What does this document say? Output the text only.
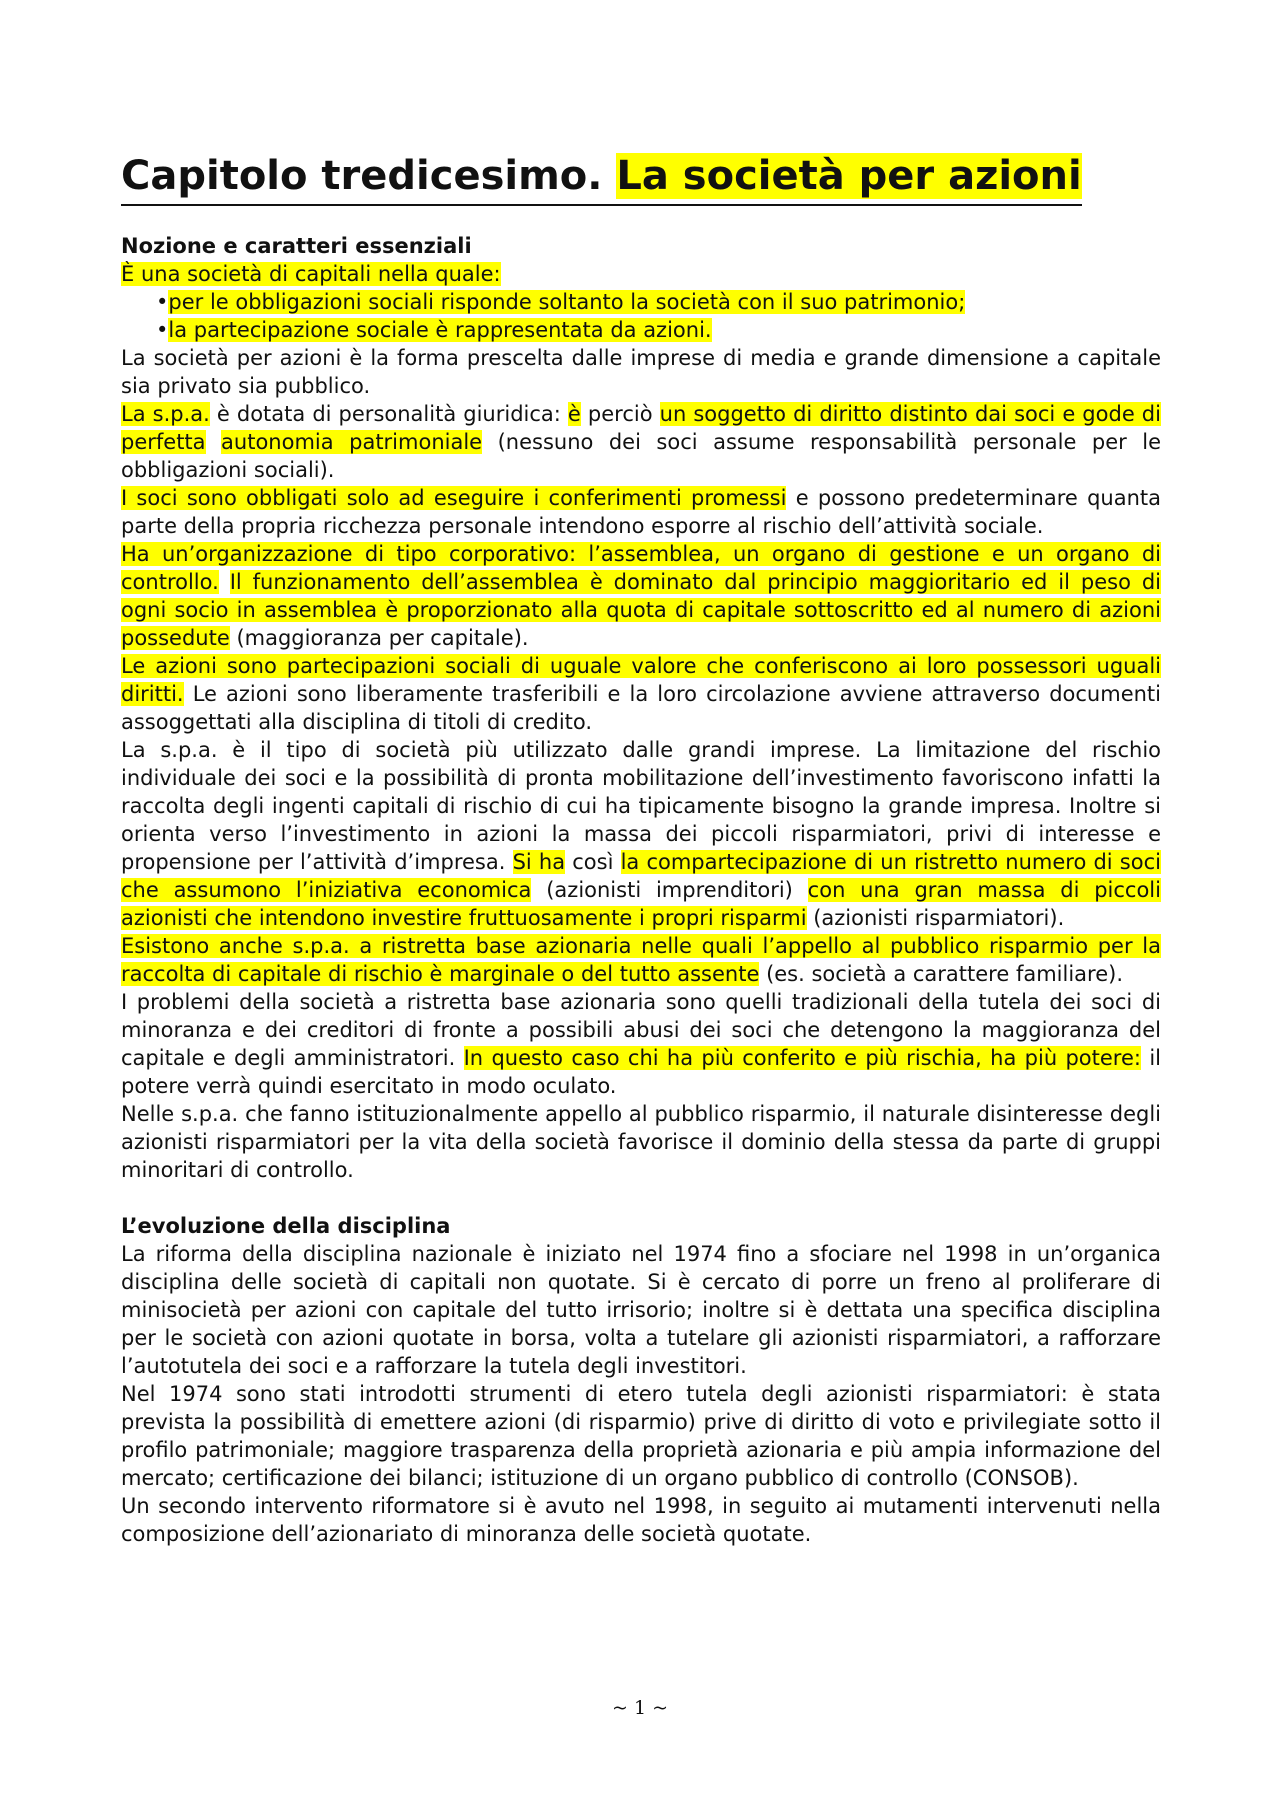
Capitolo tredicesimo. La società per azioni
Nozione e caratteri essenziali

È una società di capitali nella quale:

•per le obbligazioni sociali risponde soltanto la società con il suo patrimonio;

•la partecipazione sociale è rappresentata da azioni.

La società per azioni è la forma prescelta dalle imprese di media e grande dimensione a capitale sia privato sia pubblico.

La s.p.a. è dotata di personalità giuridica: è perciò un soggetto di diritto distinto dai soci e gode di perfetta autonomia patrimoniale (nessuno dei soci assume responsabilità personale per le obbligazioni sociali).

I soci sono obbligati solo ad eseguire i conferimenti promessi e possono predeterminare quanta parte della propria ricchezza personale intendono esporre al rischio dell’attività sociale.

Ha un’organizzazione di tipo corporativo: l’assemblea, un organo di gestione e un organo di controllo. Il funzionamento dell’assemblea è dominato dal principio maggioritario ed il peso di ogni socio in assemblea è proporzionato alla quota di capitale sottoscritto ed al numero di azioni possedute (maggioranza per capitale).

Le azioni sono partecipazioni sociali di uguale valore che conferiscono ai loro possessori uguali diritti. Le azioni sono liberamente trasferibili e la loro circolazione avviene attraverso documenti assoggettati alla disciplina di titoli di credito.

La s.p.a. è il tipo di società più utilizzato dalle grandi imprese. La limitazione del rischio individuale dei soci e la possibilità di pronta mobilitazione dell’investimento favoriscono infatti la raccolta degli ingenti capitali di rischio di cui ha tipicamente bisogno la grande impresa. Inoltre si orienta verso l’investimento in azioni la massa dei piccoli risparmiatori, privi di interesse e propensione per l’attività d’impresa. Si ha così la compartecipazione di un ristretto numero di soci che assumono l’iniziativa economica (azionisti imprenditori) con una gran massa di piccoli azionisti che intendono investire fruttuosamente i propri risparmi (azionisti risparmiatori).

Esistono anche s.p.a. a ristretta base azionaria nelle quali l’appello al pubblico risparmio per la raccolta di capitale di rischio è marginale o del tutto assente (es. società a carattere familiare).

I problemi della società a ristretta base azionaria sono quelli tradizionali della tutela dei soci di minoranza e dei creditori di fronte a possibili abusi dei soci che detengono la maggioranza del capitale e degli amministratori. In questo caso chi ha più conferito e più rischia, ha più potere: il potere verrà quindi esercitato in modo oculato.

Nelle s.p.a. che fanno istituzionalmente appello al pubblico risparmio, il naturale disinteresse degli azionisti risparmiatori per la vita della società favorisce il dominio della stessa da parte di gruppi minoritari di controllo.

L’evoluzione della disciplina

La riforma della disciplina nazionale è iniziato nel 1974 fino a sfociare nel 1998 in un’organica disciplina delle società di capitali non quotate. Si è cercato di porre un freno al proliferare di minisocietà per azioni con capitale del tutto irrisorio; inoltre si è dettata una specifica disciplina per le società con azioni quotate in borsa, volta a tutelare gli azionisti risparmiatori, a rafforzare l’autotutela dei soci e a rafforzare la tutela degli investitori.

Nel 1974 sono stati introdotti strumenti di etero tutela degli azionisti risparmiatori: è stata prevista la possibilità di emettere azioni (di risparmio) prive di diritto di voto e privilegiate sotto il profilo patrimoniale; maggiore trasparenza della proprietà azionaria e più ampia informazione del mercato; certificazione dei bilanci; istituzione di un organo pubblico di controllo (CONSOB).

Un secondo intervento riformatore si è avuto nel 1998, in seguito ai mutamenti intervenuti nella composizione dell’azionariato di minoranza delle società quotate.

~ 1 ~
